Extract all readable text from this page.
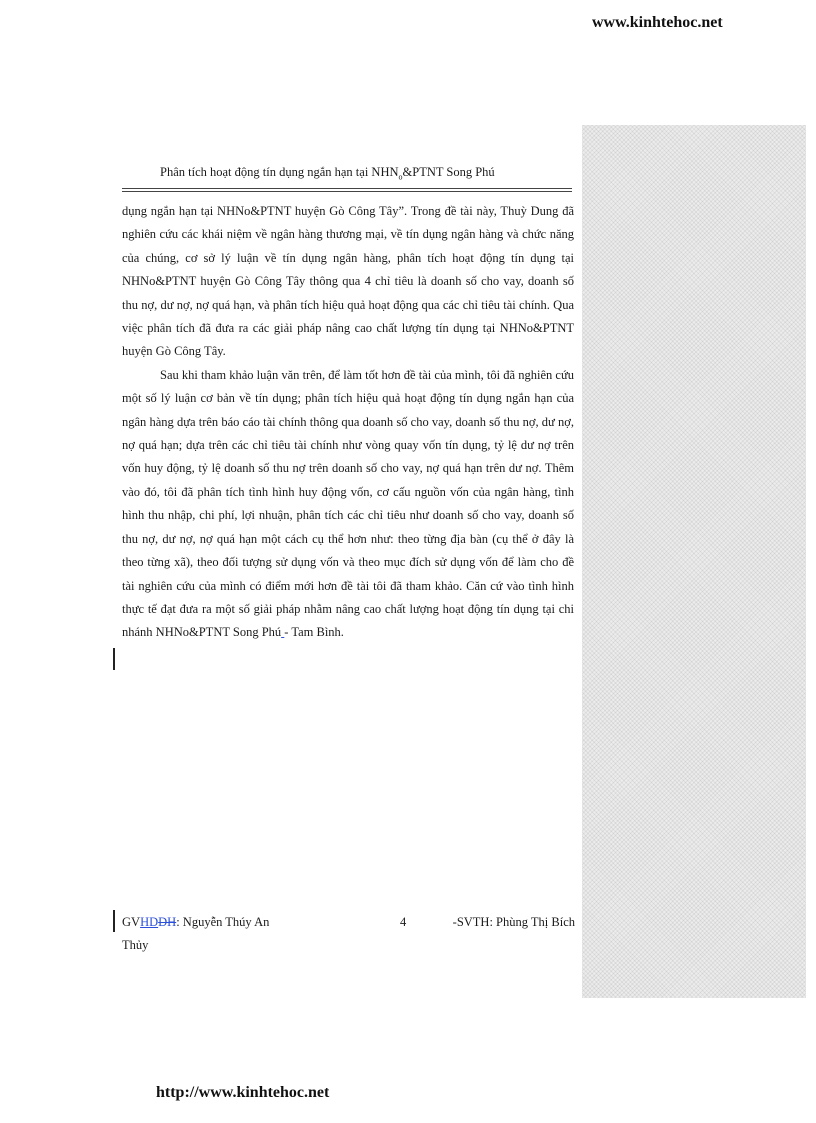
www.kinhtehoc.net
Phân tích hoạt động tín dụng ngắn hạn tại $NHN_o\&PTNT$ Song Phú

dụng ngắn hạn tại NHNo&PTNT huyện Gò Công Tây”. Trong đề tài này, Thuỳ Dung đã nghiên cứu các khái niệm về ngân hàng thương mại, về tín dụng ngân hàng và chức năng của chúng, cơ sở lý luận về tín dụng ngân hàng, phân tích hoạt động tín dụng tại NHNo&PTNT huyện Gò Công Tây thông qua 4 chỉ tiêu là doanh số cho vay, doanh số thu nợ, dư nợ, nợ quá hạn, và phân tích hiệu quả hoạt động qua các chỉ tiêu tài chính. Qua việc phân tích đã đưa ra các giải pháp nâng cao chất lượng tín dụng tại NHNo&PTNT huyện Gò Công Tây.

Sau khi tham khảo luận văn trên, để làm tốt hơn đề tài của mình, tôi đã nghiên cứu một số lý luận cơ bản về tín dụng; phân tích hiệu quả hoạt động tín dụng ngắn hạn của ngân hàng dựa trên báo cáo tài chính thông qua doanh số cho vay, doanh số thu nợ, dư nợ, nợ quá hạn; dựa trên các chỉ tiêu tài chính như vòng quay vốn tín dụng, tỷ lệ dư nợ trên vốn huy động, tỷ lệ doanh số thu nợ trên doanh số cho vay, nợ quá hạn trên dư nợ. Thêm vào đó, tôi đã phân tích tình hình huy động vốn, cơ cấu nguồn vốn của ngân hàng, tình hình thu nhập, chi phí, lợi nhuận, phân tích các chỉ tiêu như doanh số cho vay, doanh số thu nợ, dư nợ, nợ quá hạn một cách cụ thể hơn như: theo từng địa bàn (cụ thể ở đây là theo từng xã), theo đối tượng sử dụng vốn và theo mục đích sử dụng vốn để làm cho đề tài nghiên cứu của mình có điểm mới hơn đề tài tôi đã tham khảo. Căn cứ vào tình hình thực tế đạt đưa ra một số giải pháp nhằm nâng cao chất lượng hoạt động tín dụng tại chi nhánh NHNo&PTNT Song Phú - Tam Bình.

GVHDDH: Nguyễn Thúy An	4	-SVTH: Phùng Thị Bích
Thủy
http://www.kinhtehoc.net
